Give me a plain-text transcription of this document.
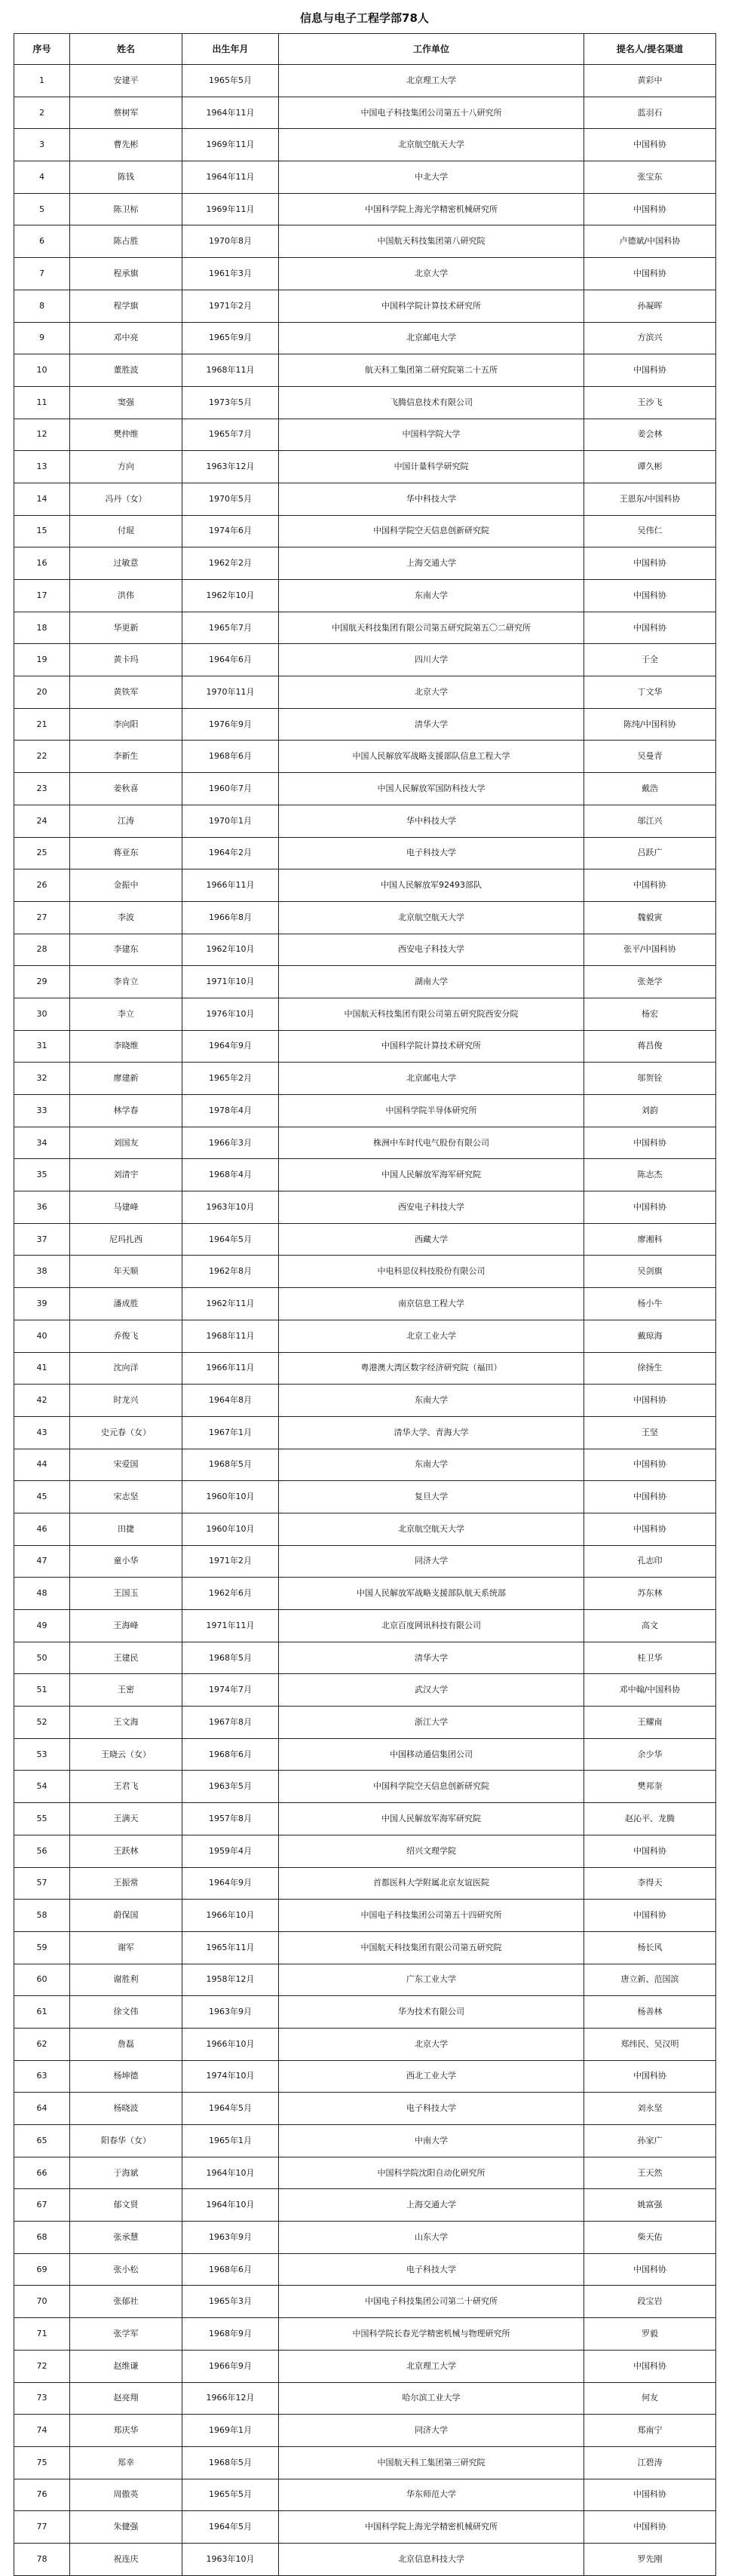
信息与电子工程学部78人
序号	姓名	出生年月	工作单位	提名人/提名渠道
1	安建平	1965年5月	北京理工大学	黄彩中
2	蔡树军	1964年11月	中国电子科技集团公司第五十八研究所	蓝羽石
3	曹先彬	1969年11月	北京航空航天大学	中国科协
4	陈钱	1964年11月	中北大学	张宝东
5	陈卫标	1969年11月	中国科学院上海光学精密机械研究所	中国科协
6	陈占胜	1970年8月	中国航天科技集团第八研究院	卢德斌/中国科协
7	程承旗	1961年3月	北京大学	中国科协
8	程学旗	1971年2月	中国科学院计算技术研究所	孙凝晖
9	邓中亮	1965年9月	北京邮电大学	方滨兴
10	董胜波	1968年11月	航天科工集团第二研究院第二十五所	中国科协
11	窦强	1973年5月	飞腾信息技术有限公司	王沙飞
12	樊仲维	1965年7月	中国科学院大学	姜会林
13	方向	1963年12月	中国计量科学研究院	谭久彬
14	冯丹（女）	1970年5月	华中科技大学	王恩东/中国科协
15	付琨	1974年6月	中国科学院空天信息创新研究院	吴伟仁
16	过敏意	1962年2月	上海交通大学	中国科协
17	洪伟	1962年10月	东南大学	中国科协
18	华更新	1965年7月	中国航天科技集团有限公司第五研究院第五〇二研究所	中国科协
19	黄卡玛	1964年6月	四川大学	于全
20	黄铁军	1970年11月	北京大学	丁文华
21	李向阳	1976年9月	清华大学	陈纯/中国科协
22	李新生	1968年6月	中国人民解放军战略支援部队信息工程大学	吴曼青
23	姜秋喜	1960年7月	中国人民解放军国防科技大学	戴浩
24	江涛	1970年1月	华中科技大学	邬江兴
25	蒋亚东	1964年2月	电子科技大学	吕跃广
26	金振中	1966年11月	中国人民解放军92493部队	中国科协
27	李波	1966年8月	北京航空航天大学	魏毅寅
28	李建东	1962年10月	西安电子科技大学	张平/中国科协
29	李肯立	1971年10月	湖南大学	张尧学
30	李立	1976年10月	中国航天科技集团有限公司第五研究院西安分院	杨宏
31	李晓维	1964年9月	中国科学院计算技术研究所	蒋昌俊
32	廖建新	1965年2月	北京邮电大学	邬贺铨
33	林学春	1978年4月	中国科学院半导体研究所	刘韵
34	刘国友	1966年3月	株洲中车时代电气股份有限公司	中国科协
35	刘清宇	1968年4月	中国人民解放军海军研究院	陈志杰
36	马建峰	1963年10月	西安电子科技大学	中国科协
37	尼玛扎西	1964年5月	西藏大学	廖湘科
38	年天顺	1962年8月	中电科思仪科技股份有限公司	吴剑旗
39	潘成胜	1962年11月	南京信息工程大学	杨小牛
40	乔俊飞	1968年11月	北京工业大学	戴琼海
41	沈向洋	1966年11月	粤港澳大湾区数字经济研究院（福田）	徐扬生
42	时龙兴	1964年8月	东南大学	中国科协
43	史元春（女）	1967年1月	清华大学、青海大学	王坚
44	宋爱国	1968年5月	东南大学	中国科协
45	宋志坚	1960年10月	复旦大学	中国科协
46	田捷	1960年10月	北京航空航天大学	中国科协
47	童小华	1971年2月	同济大学	孔志印
48	王国玉	1962年6月	中国人民解放军战略支援部队航天系统部	苏东林
49	王海峰	1971年11月	北京百度网讯科技有限公司	高文
50	王建民	1968年5月	清华大学	桂卫华
51	王密	1974年7月	武汉大学	邓中翰/中国科协
52	王文海	1967年8月	浙江大学	王耀南
53	王晓云（女）	1968年6月	中国移动通信集团公司	余少华
54	王君飞	1963年5月	中国科学院空天信息创新研究院	樊邦奎
55	王满天	1957年8月	中国人民解放军海军研究院	赵沁平、龙腾
56	王跃林	1959年4月	绍兴文理学院	中国科协
57	王振常	1964年9月	首都医科大学附属北京友谊医院	李得天
58	蔚保国	1966年10月	中国电子科技集团公司第五十四研究所	中国科协
59	谢军	1965年11月	中国航天科技集团有限公司第五研究院	杨长风
60	谢胜利	1958年12月	广东工业大学	唐立新、范国滨
61	徐文伟	1963年9月	华为技术有限公司	杨善林
62	詹磊	1966年10月	北京大学	郑纬民、吴汉明
63	杨坤德	1974年10月	西北工业大学	中国科协
64	杨晓波	1964年5月	电子科技大学	刘永坚
65	阳春华（女）	1965年1月	中南大学	孙家广
66	于海斌	1964年10月	中国科学院沈阳自动化研究所	王天然
67	郁文贤	1964年10月	上海交通大学	姚富强
68	张承慧	1963年9月	山东大学	柴天佑
69	张小松	1968年6月	电子科技大学	中国科协
70	张郁社	1965年3月	中国电子科技集团公司第二十研究所	段宝岩
71	张学军	1968年9月	中国科学院长春光学精密机械与物理研究所	罗毅
72	赵维谦	1966年9月	北京理工大学	中国科协
73	赵亮翔	1966年12月	哈尔滨工业大学	何友
74	郑庆华	1969年1月	同济大学	郑南宁
75	郑幸	1968年5月	中国航天科工集团第三研究院	江碧涛
76	周傲英	1965年5月	华东师范大学	中国科协
77	朱健强	1964年5月	中国科学院上海光学精密机械研究所	中国科协
78	祝连庆	1963年10月	北京信息科技大学	罗先刚
